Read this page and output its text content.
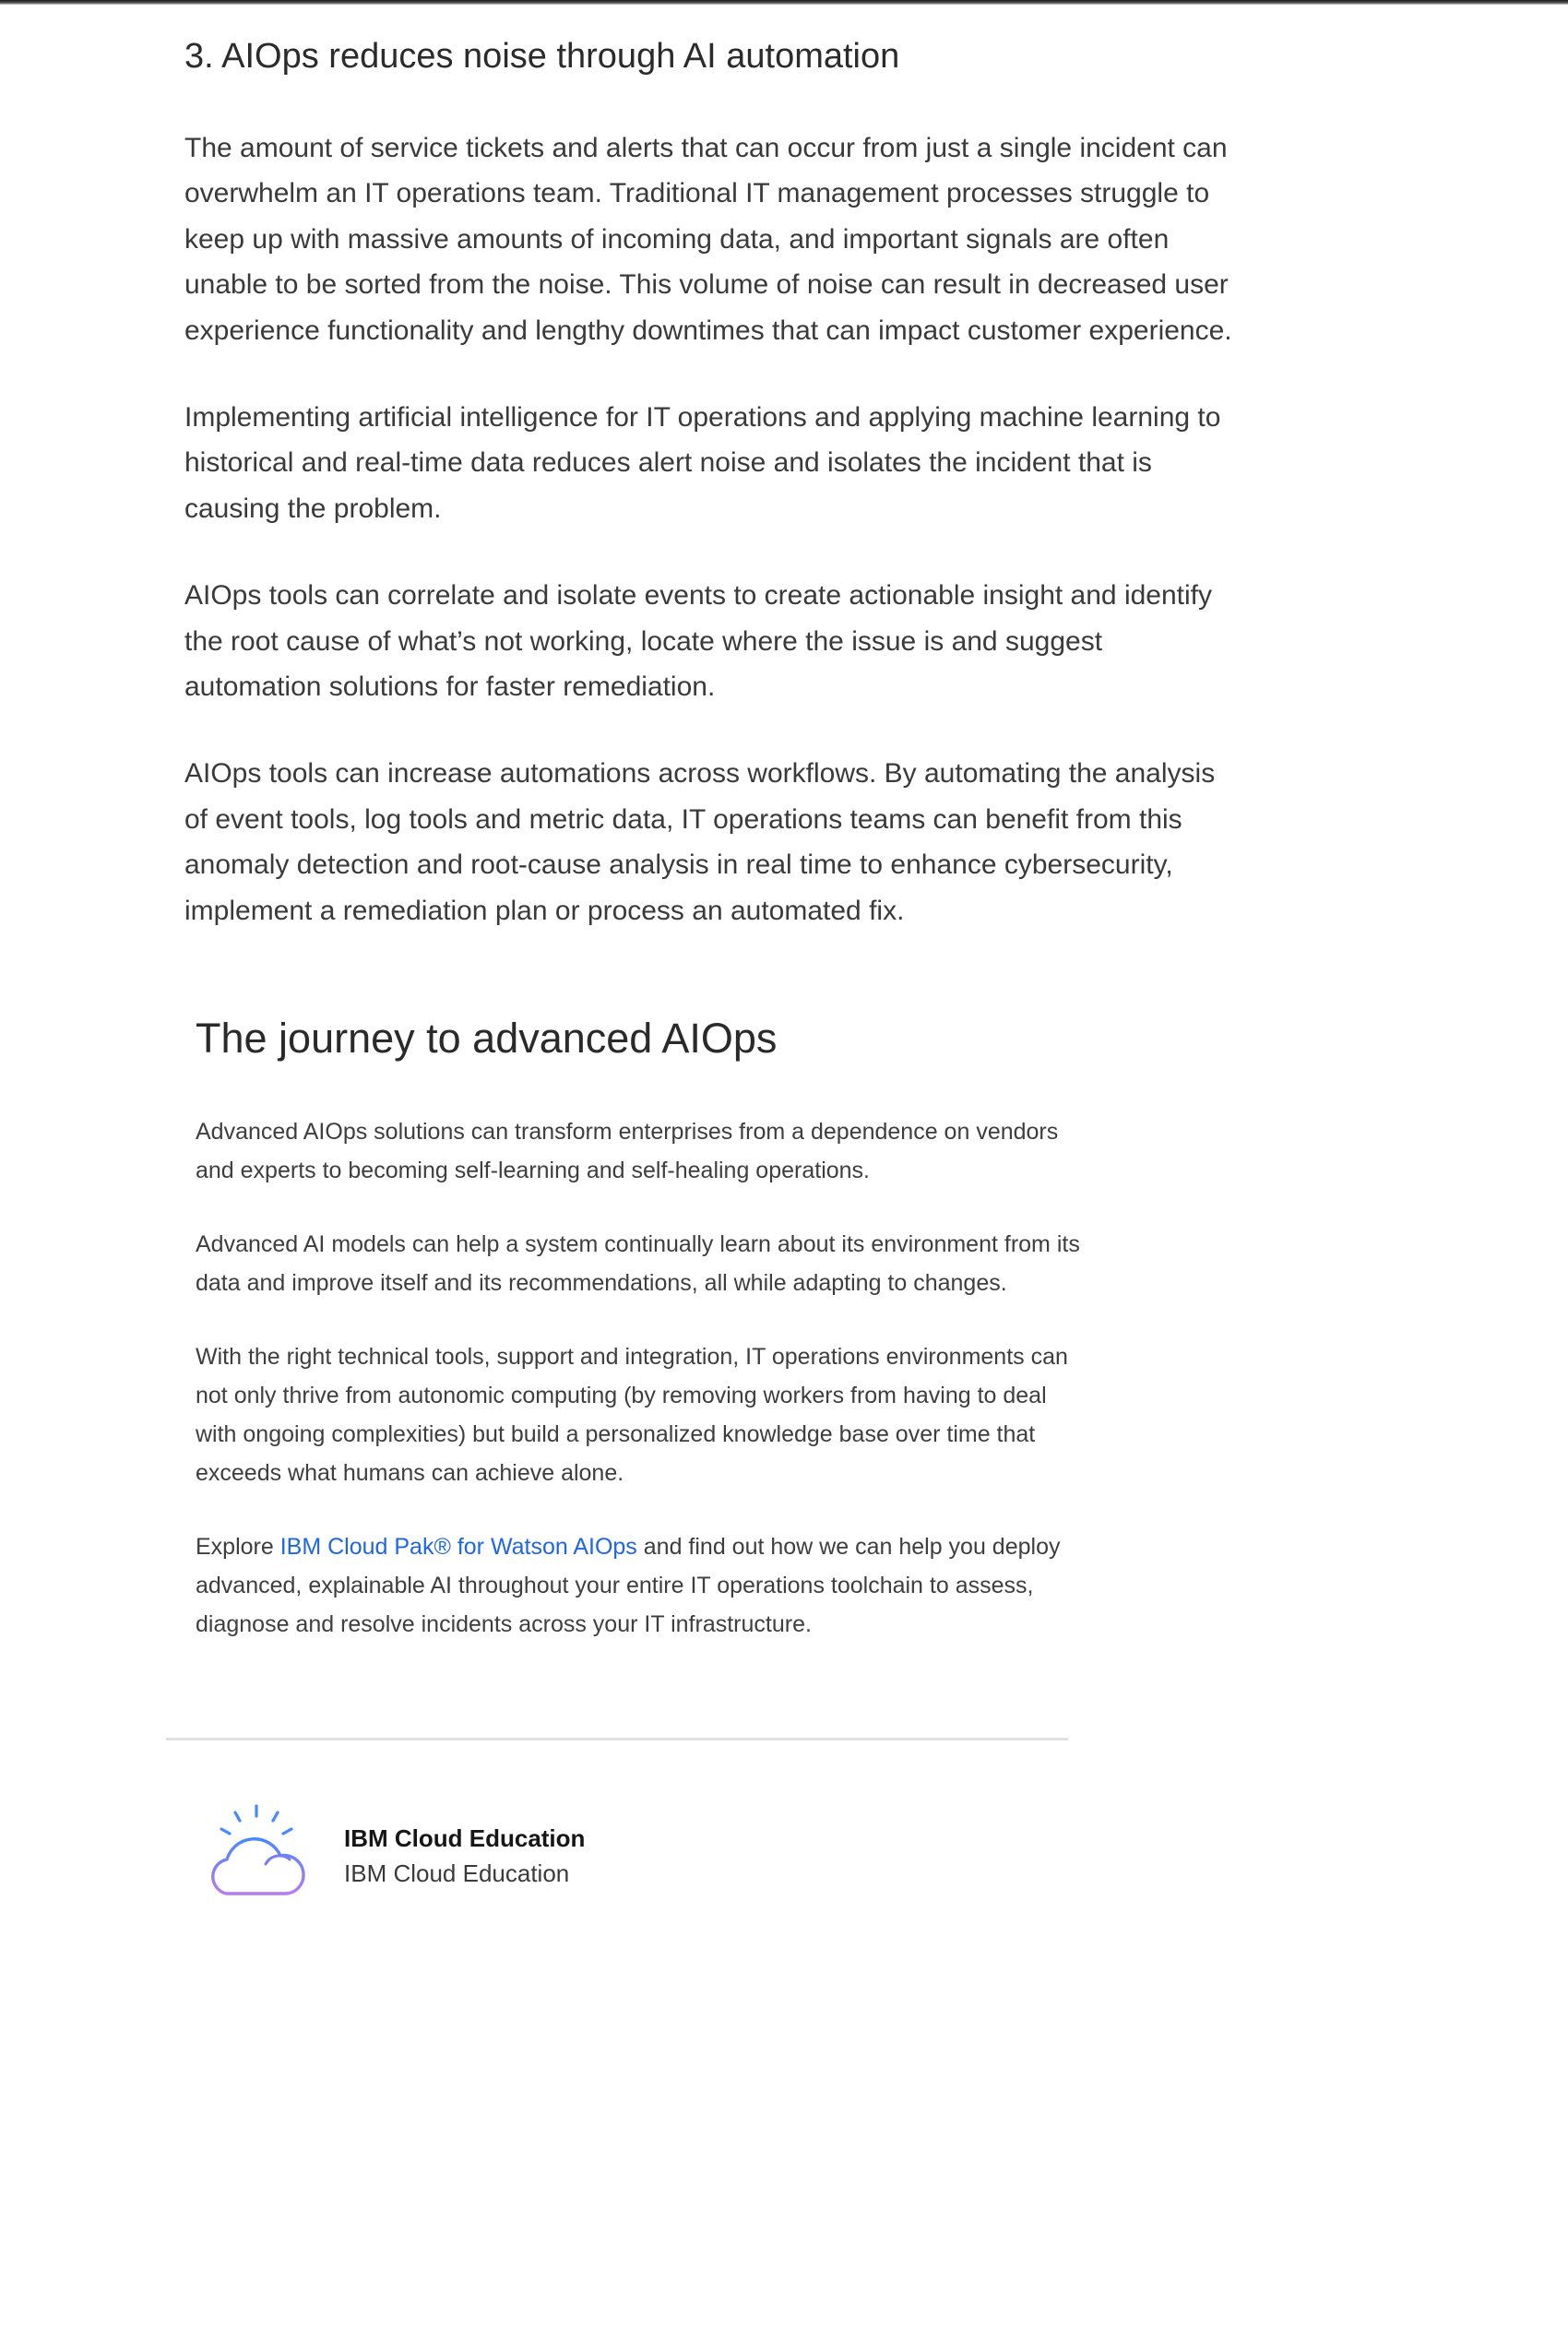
3. AIOps reduces noise through AI automation

The amount of service tickets and alerts that can occur from just a single incident can overwhelm an IT operations team. Traditional IT management processes struggle to keep up with massive amounts of incoming data, and important signals are often unable to be sorted from the noise. This volume of noise can result in decreased user experience functionality and lengthy downtimes that can impact customer experience.

Implementing artificial intelligence for IT operations and applying machine learning to historical and real-time data reduces alert noise and isolates the incident that is causing the problem.

AIOps tools can correlate and isolate events to create actionable insight and identify the root cause of what’s not working, locate where the issue is and suggest automation solutions for faster remediation.

AIOps tools can increase automations across workflows. By automating the analysis of event tools, log tools and metric data, IT operations teams can benefit from this anomaly detection and root-cause analysis in real time to enhance cybersecurity, implement a remediation plan or process an automated fix.

The journey to advanced AIOps

Advanced AIOps solutions can transform enterprises from a dependence on vendors and experts to becoming self-learning and self-healing operations.

Advanced AI models can help a system continually learn about its environment from its data and improve itself and its recommendations, all while adapting to changes.

With the right technical tools, support and integration, IT operations environments can not only thrive from autonomic computing (by removing workers from having to deal with ongoing complexities) but build a personalized knowledge base over time that exceeds what humans can achieve alone.

Explore IBM Cloud Pak® for Watson AIOps and find out how we can help you deploy advanced, explainable AI throughout your entire IT operations toolchain to assess, diagnose and resolve incidents across your IT infrastructure.

IBM Cloud Education
IBM Cloud Education
